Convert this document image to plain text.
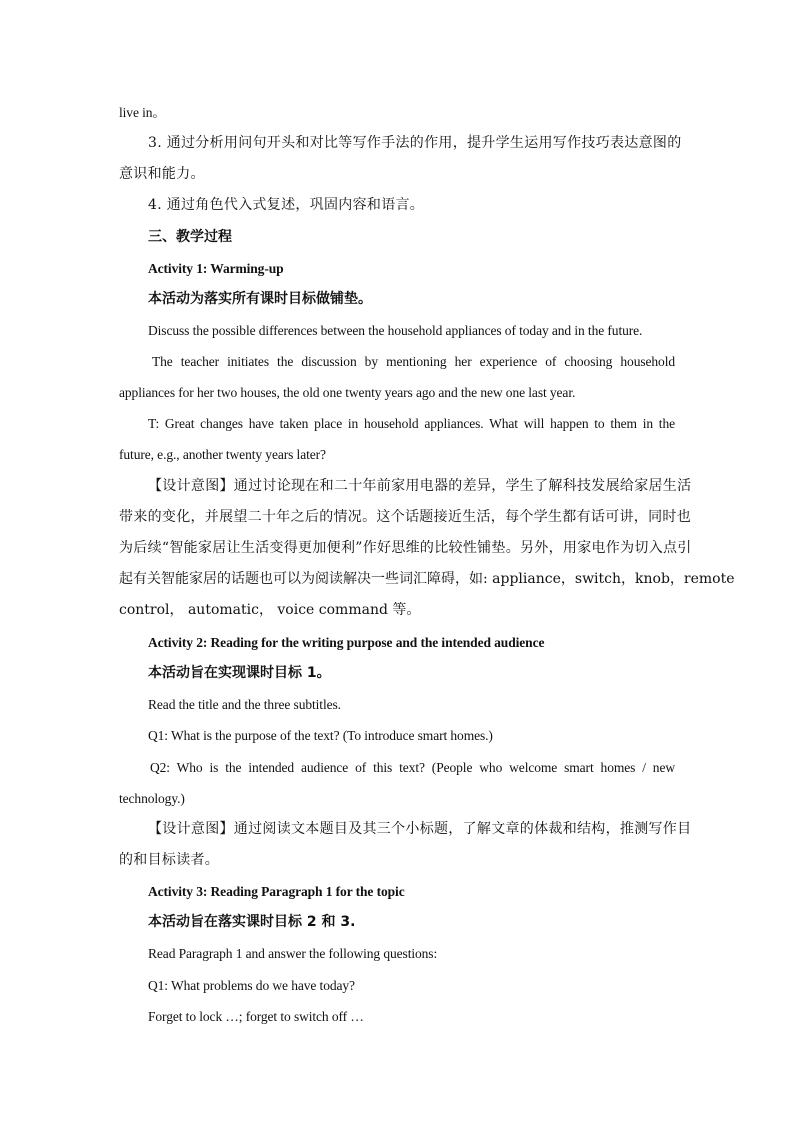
live in。
3. 通过分析用问句开头和对比等写作手法的作用，提升学生运用写作技巧表达意图的
意识和能力。
4. 通过角色代入式复述，巩固内容和语言。
三、教学过程
Activity 1: Warming-up
本活动为落实所有课时目标做铺垫。
Discuss the possible differences between the household appliances of today and in the future.
The teacher initiates the discussion by mentioning her experience of choosing household
appliances for her two houses, the old one twenty years ago and the new one last year.
T: Great changes have taken place in household appliances. What will happen to them in the
future, e.g., another twenty years later?
【设计意图】通过讨论现在和二十年前家用电器的差异，学生了解科技发展给家居生活
带来的变化，并展望二十年之后的情况。这个话题接近生活，每个学生都有话可讲，同时也
为后续“智能家居让生活变得更加便利”作好思维的比较性铺垫。另外，用家电作为切入点引
起有关智能家居的话题也可以为阅读解决一些词汇障碍，如: appliance，switch，knob，remote
control， automatic， voice command 等。
Activity 2: Reading for the writing purpose and the intended audience
本活动旨在实现课时目标 1。
Read the title and the three subtitles.
Q1: What is the purpose of the text? (To introduce smart homes.)
Q2: Who is the intended audience of this text? (People who welcome smart homes / new
technology.)
【设计意图】通过阅读文本题目及其三个小标题，了解文章的体裁和结构，推测写作目
的和目标读者。
Activity 3: Reading Paragraph 1 for the topic
本活动旨在落实课时目标 2 和 3.
Read Paragraph 1 and answer the following questions:
Q1: What problems do we have today?
Forget to lock …; forget to switch off …
